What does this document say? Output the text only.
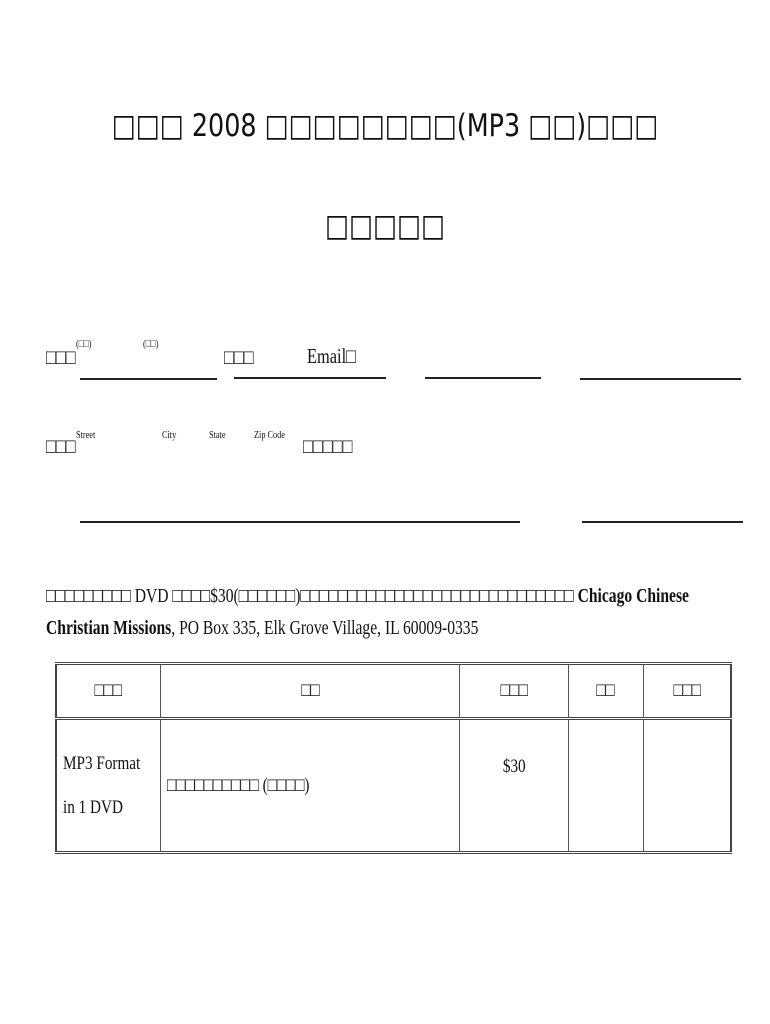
□□□ 2008 □□□□□□□□(MP3 □□)□□□
□□□□□
□□□
(□□)	(□□)
□□□	Email□
□□□ Street	City	State	Zip Code □□□□□
□□□□□□□□□ DVD □□□□$30(□□□□□□)□□□□□□□□□□□□□□□□□□□□□□□□□□□□□ Chicago Chinese Christian Missions, PO Box 335, Elk Grove Village, IL 60009-0335
□□□	□□	□□□	□□	□□□
MP3 Format
in 1 DVD	□□□□□□□□□□ (□□□□)	$30		
